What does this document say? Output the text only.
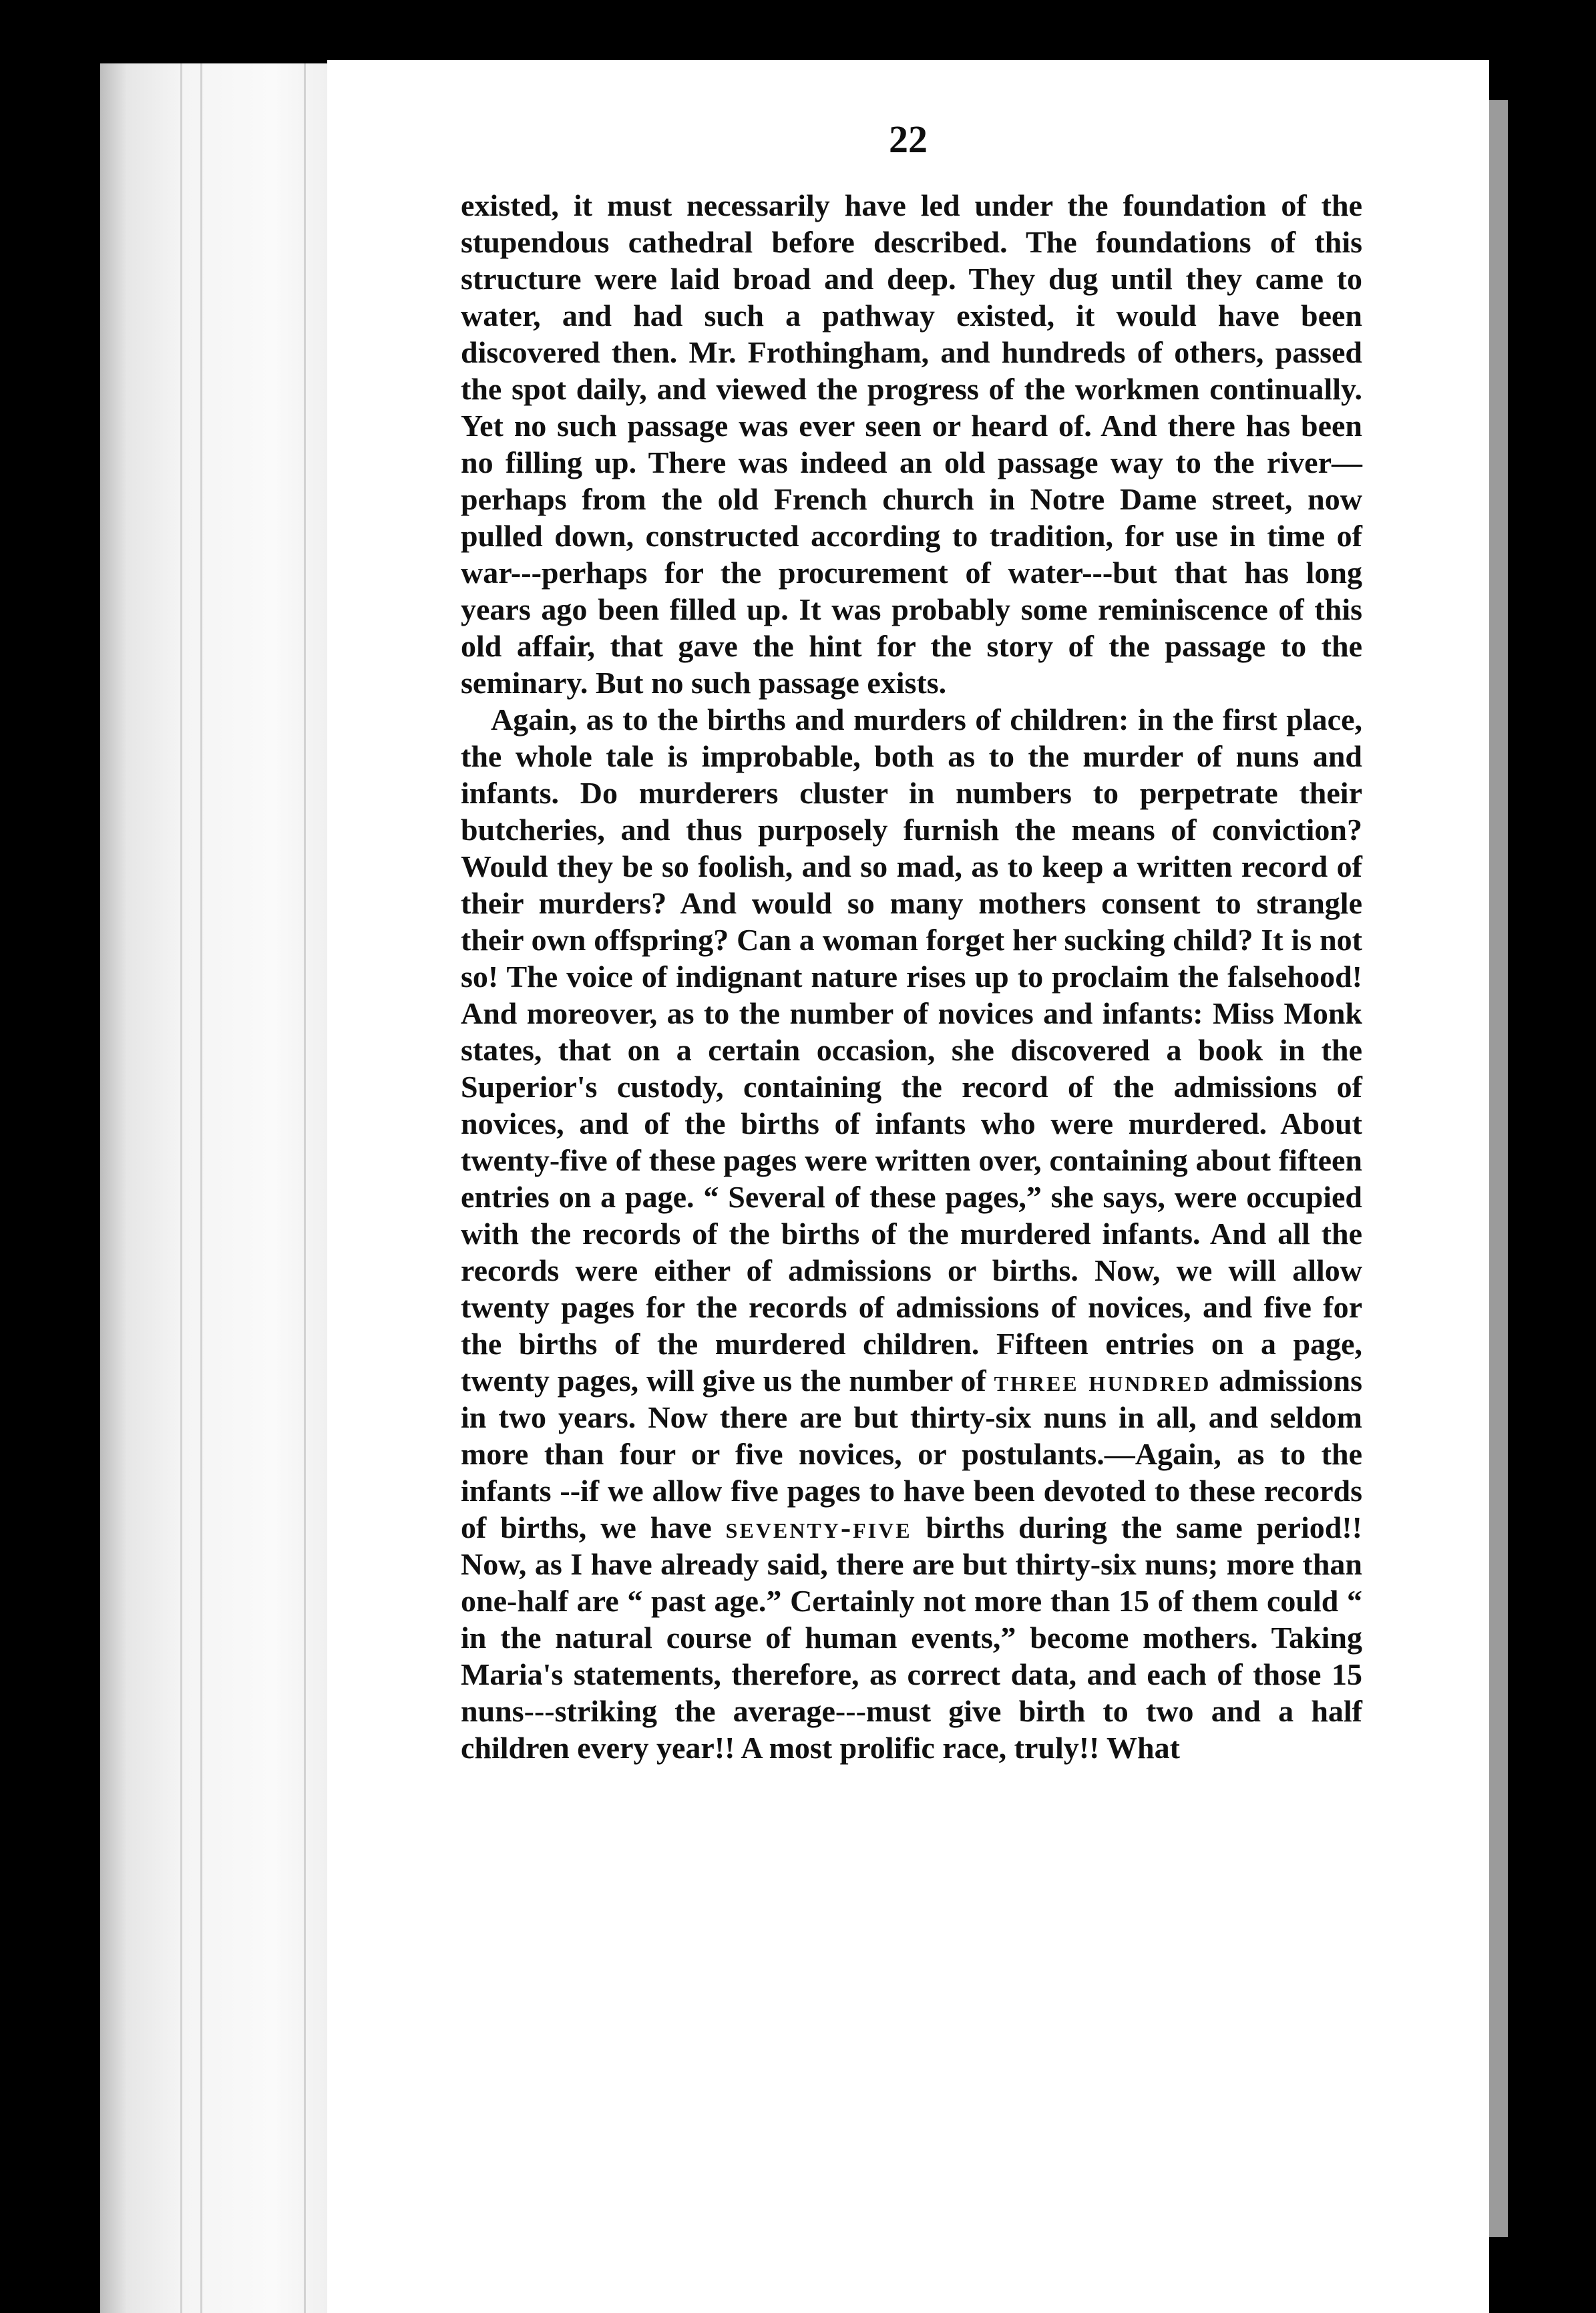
22

existed, it must necessarily have led under the foundation of the stupendous cathedral before described. The foundations of this structure were laid broad and deep. They dug until they came to water, and had such a pathway existed, it would have been discovered then. Mr. Frothingham, and hundreds of others, passed the spot daily, and viewed the progress of the workmen continually. Yet no such passage was ever seen or heard of. And there has been no filling up. There was indeed an old passage way to the river—perhaps from the old French church in Notre Dame street, now pulled down, constructed according to tradition, for use in time of war---perhaps for the procurement of water---but that has long years ago been filled up. It was probably some reminiscence of this old affair, that gave the hint for the story of the passage to the seminary. But no such passage exists.

Again, as to the births and murders of children: in the first place, the whole tale is improbable, both as to the murder of nuns and infants. Do murderers cluster in numbers to perpetrate their butcheries, and thus purposely furnish the means of conviction? Would they be so foolish, and so mad, as to keep a written record of their murders? And would so many mothers consent to strangle their own offspring? Can a woman forget her sucking child? It is not so! The voice of indignant nature rises up to proclaim the falsehood! And moreover, as to the number of novices and infants: Miss Monk states, that on a certain occasion, she discovered a book in the Superior's custody, containing the record of the admissions of novices, and of the births of infants who were murdered. About twenty-five of these pages were written over, containing about fifteen entries on a page. “ Several of these pages,” she says, were occupied with the records of the births of the murdered infants. And all the records were either of admissions or births. Now, we will allow twenty pages for the records of admissions of novices, and five for the births of the murdered children. Fifteen entries on a page, twenty pages, will give us the number of three hundred admissions in two years. Now there are but thirty-six nuns in all, and seldom more than four or five novices, or postulants.—Again, as to the infants --if we allow five pages to have been devoted to these records of births, we have seventy-five births during the same period!! Now, as I have already said, there are but thirty-six nuns; more than one-half are “ past age.” Certainly not more than 15 of them could “ in the natural course of human events,” become mothers. Taking Maria's statements, therefore, as correct data, and each of those 15 nuns---striking the average---must give birth to two and a half children every year!! A most prolific race, truly!! What
